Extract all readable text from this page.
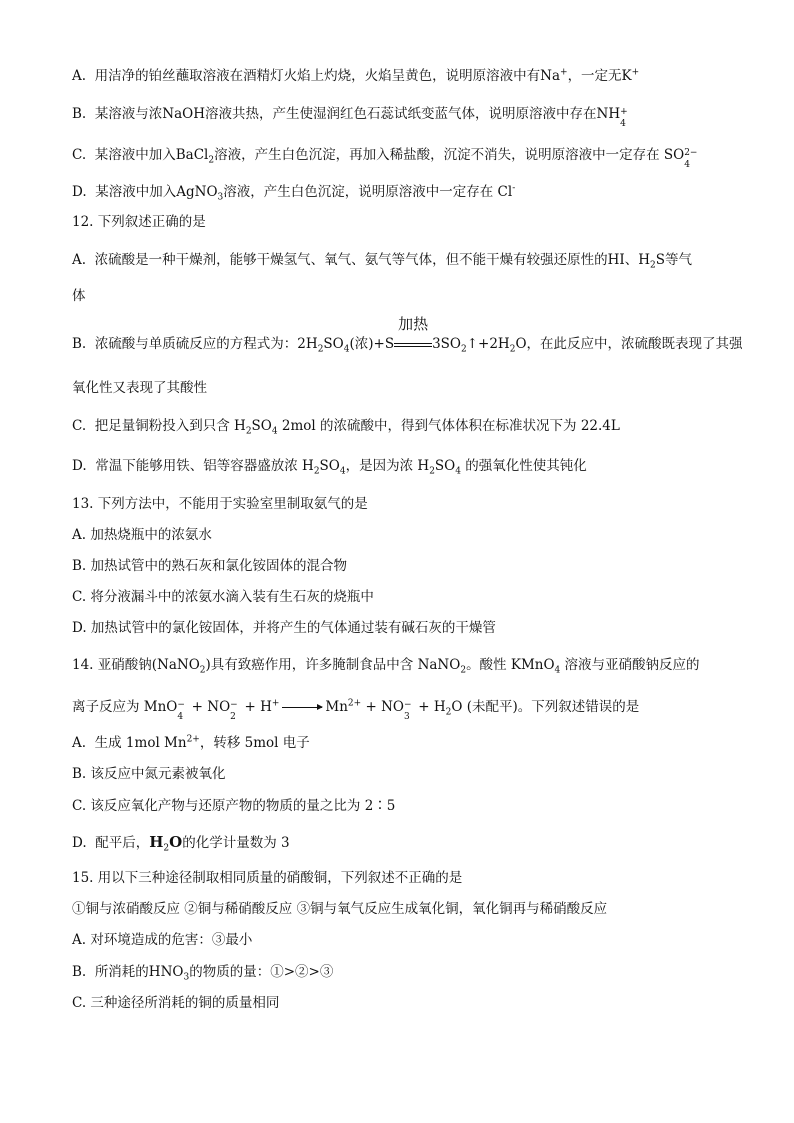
A. 用洁净的铂丝蘸取溶液在酒精灯火焰上灼烧，火焰呈黄色，说明原溶液中有Na+，一定无K+
B. 某溶液与浓NaOH溶液共热，产生使湿润红色石蕊试纸变蓝气体，说明原溶液中存在NH +
4
C. 某溶液中加入BaCl$_2$溶液，产生白色沉淀，再加入稀盐酸，沉淀不消失，说明原溶液中一定存在 SO 2−
4
D. 某溶液中加入AgNO$_3$溶液，产生白色沉淀，说明原溶液中一定存在 Cl-
12. 下列叙述正确的是
A. 浓硫酸是一种干燥剂，能够干燥氢气、氧气、氨气等气体，但不能干燥有较强还原性的HI、$H_2S$等气
体
B. 浓硫酸与单质硫反应的方程式为：$2H_2SO_4$(浓)+S
加热
$3SO_2↑+2H_2O$，在此反应中，浓硫酸既表现了其强
氧化性又表现了其酸性
C. 把足量铜粉投入到只含 $H_2SO_4$ 2mol 的浓硫酸中，得到气体体积在标准状况下为 22.4L
D. 常温下能够用铁、铝等容器盛放浓 $H_2SO_4$，是因为浓 $H_2SO_4$ 的强氧化性使其钝化
13. 下列方法中，不能用于实验室里制取氨气的是
A. 加热烧瓶中的浓氨水
B. 加热试管中的熟石灰和氯化铵固体的混合物
C. 将分液漏斗中的浓氨水滴入装有生石灰的烧瓶中
D. 加热试管中的氯化铵固体，并将产生的气体通过装有碱石灰的干燥管
14. 亚硝酸钠(NaNO$_2$)具有致癌作用，许多腌制食品中含 NaNO$_2$。酸性 KMnO$_4$ 溶液与亚硝酸钠反应的
离子反应为 MnO −
4
+ NO −
2
+ $H^+ \to Mn^{2+}$ + NO −
3
+ $H_2O$ (未配平)。下列叙述错误的是
A. 生成 1mol $Mn^{2+}$，转移 5mol 电子
B. 该反应中氮元素被氧化
C. 该反应氧化产物与还原产物的物质的量之比为 2∶5
D. 配平后，$H_2O$的化学计量数为 3
15. 用以下三种途径制取相同质量的硝酸铜，下列叙述不正确的是
①铜与浓硝酸反应 ②铜与稀硝酸反应 ③铜与氧气反应生成氧化铜，氧化铜再与稀硝酸反应
A. 对环境造成的危害：③最小
B. 所消耗的$HNO_3$的物质的量：①>②>③
C. 三种途径所消耗的铜的质量相同
